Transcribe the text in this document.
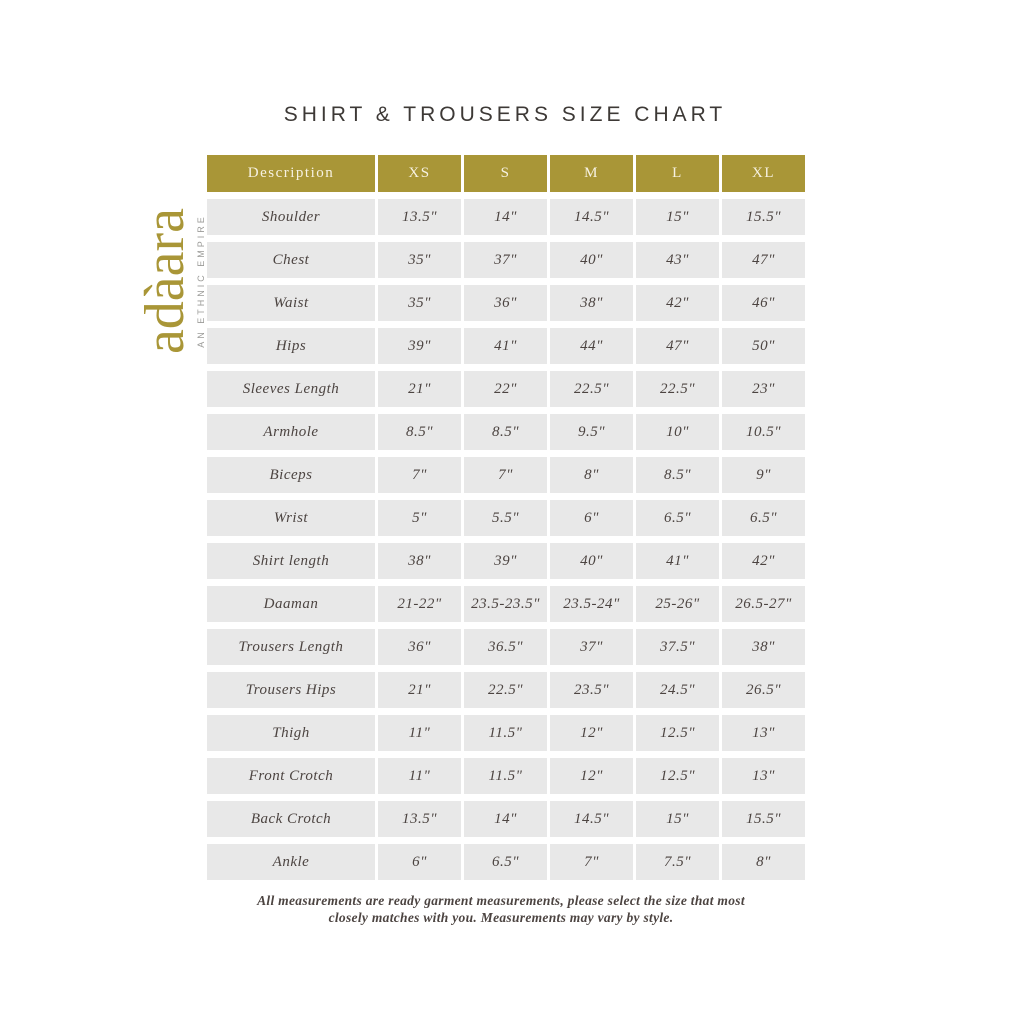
SHIRT & TROUSERS SIZE CHART
adàara AN ETHNIC EMPIRE
Description	XS	S	M	L	XL
Shoulder	13.5"	14"	14.5"	15"	15.5"
Chest	35"	37"	40"	43"	47"
Waist	35"	36"	38"	42"	46"
Hips	39"	41"	44"	47"	50"
Sleeves Length	21"	22"	22.5"	22.5"	23"
Armhole	8.5"	8.5"	9.5"	10"	10.5"
Biceps	7"	7"	8"	8.5"	9"
Wrist	5"	5.5"	6"	6.5"	6.5"
Shirt length	38"	39"	40"	41"	42"
Daaman	21-22"	23.5-23.5"	23.5-24"	25-26"	26.5-27"
Trousers Length	36"	36.5"	37"	37.5"	38"
Trousers Hips	21"	22.5"	23.5"	24.5"	26.5"
Thigh	11"	11.5"	12"	12.5"	13"
Front Crotch	11"	11.5"	12"	12.5"	13"
Back Crotch	13.5"	14"	14.5"	15"	15.5"
Ankle	6"	6.5"	7"	7.5"	8"

All measurements are ready garment measurements, please select the size that most
closely matches with you. Measurements may vary by style.
